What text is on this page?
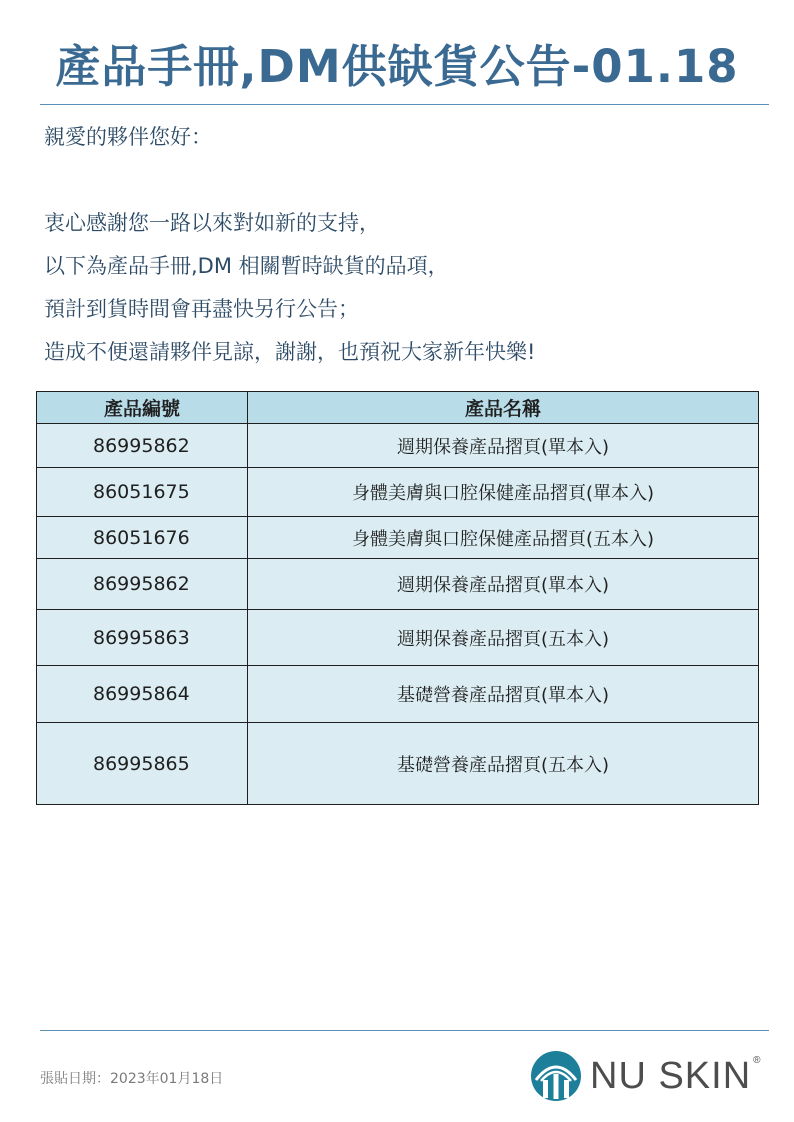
產品手冊,DM供缺貨公告-01.18
親愛的夥伴您好：
衷心感謝您一路以來對如新的支持，
以下為產品手冊,DM 相關暫時缺貨的品項，
預計到貨時間會再盡快另行公告；
造成不便還請夥伴見諒，謝謝，也預祝大家新年快樂!
產品編號	產品名稱
86995862	週期保養產品摺頁(單本入)
86051675	身體美膚與口腔保健產品摺頁(單本入)
86051676	身體美膚與口腔保健產品摺頁(五本入)
86995862	週期保養產品摺頁(單本入)
86995863	週期保養產品摺頁(五本入)
86995864	基礎營養產品摺頁(單本入)
86995865	基礎營養產品摺頁(五本入)
張貼日期：2023年01月18日	NU SKIN ®
